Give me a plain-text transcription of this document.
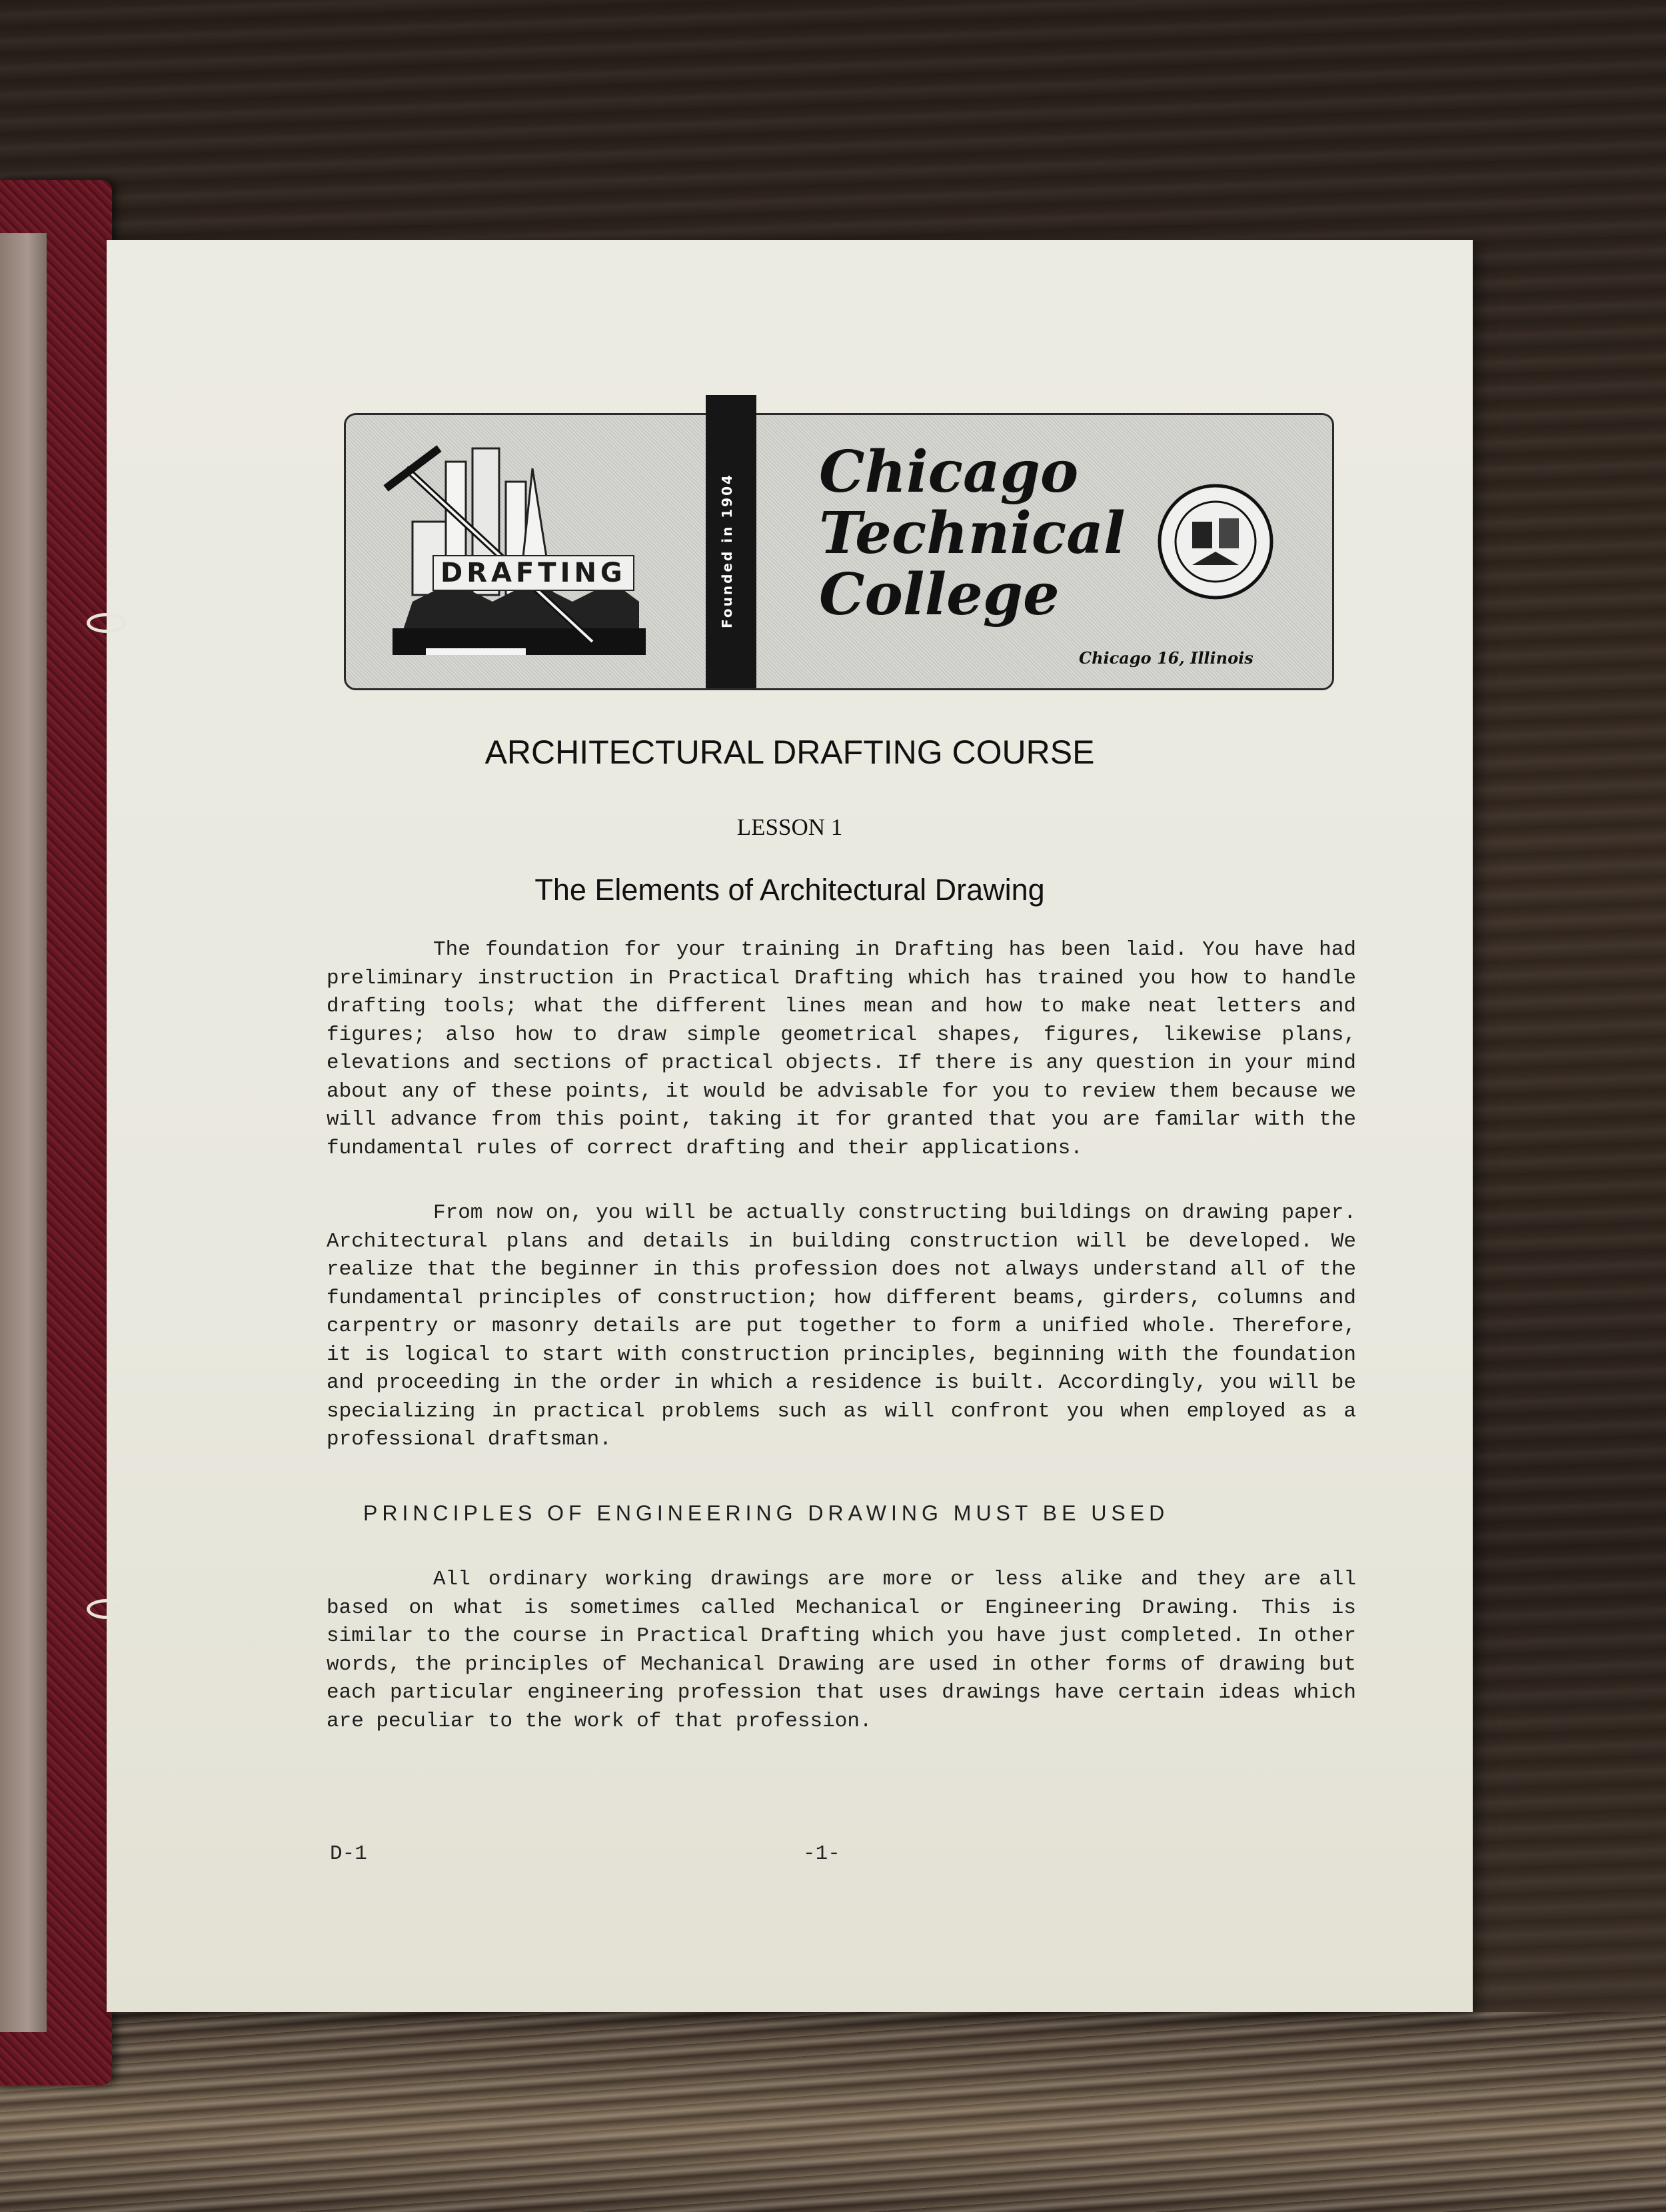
DRAFTING	Founded in 1904
Chicago
Technical
College
Chicago 16, Illinois
ARCHITECTURAL DRAFTING COURSE
LESSON 1
The Elements of Architectural Drawing

The foundation for your training in Drafting has been laid. You have had preliminary instruction in Practical Drafting which has trained you how to handle drafting tools; what the different lines mean and how to make neat letters and figures; also how to draw simple geometrical shapes, figures, likewise plans, elevations and sections of practical objects. If there is any question in your mind about any of these points, it would be advisable for you to review them because we will advance from this point, taking it for granted that you are familar with the fundamental rules of correct drafting and their applications.

From now on, you will be actually constructing buildings on drawing paper. Architectural plans and details in building construction will be developed. We realize that the beginner in this profession does not always understand all of the fundamental principles of construction; how different beams, girders, columns and carpentry or masonry details are put together to form a unified whole. Therefore, it is logical to start with construction principles, beginning with the foundation and proceeding in the order in which a residence is built. Accordingly, you will be specializing in practical problems such as will confront you when employed as a professional draftsman.

PRINCIPLES OF ENGINEERING DRAWING MUST BE USED

All ordinary working drawings are more or less alike and they are all based on what is sometimes called Mechanical or Engineering Drawing. This is similar to the course in Practical Drafting which you have just completed. In other words, the principles of Mechanical Drawing are used in other forms of drawing but each particular engineering profession that uses drawings have certain ideas which are peculiar to the work of that profession.

D-1	-1-
